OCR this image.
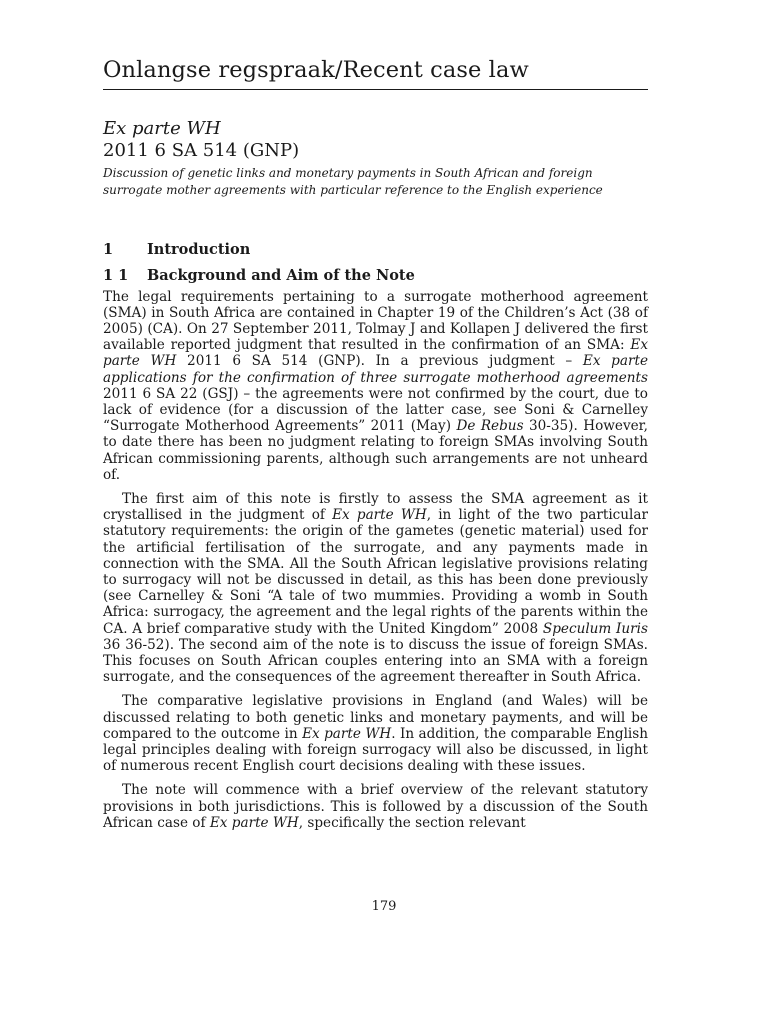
Onlangse regspraak/Recent case law
Ex parte WH
2011 6 SA 514 (GNP)
Discussion of genetic links and monetary payments in South African and foreign surrogate mother agreements with particular reference to the English experience
1 Introduction
1 1 Background and Aim of the Note

The legal requirements pertaining to a surrogate motherhood agreement (SMA) in South Africa are contained in Chapter 19 of the Children’s Act (38 of 2005) (CA). On 27 September 2011, Tolmay J and Kollapen J delivered the first available reported judgment that resulted in the confirmation of an SMA: Ex parte WH 2011 6 SA 514 (GNP). In a previous judgment – Ex parte applications for the confirmation of three surrogate motherhood agreements 2011 6 SA 22 (GSJ) – the agreements were not confirmed by the court, due to lack of evidence (for a discussion of the latter case, see Soni & Carnelley “Surrogate Motherhood Agreements” 2011 (May) De Rebus 30-35). However, to date there has been no judgment relating to foreign SMAs involving South African commissioning parents, although such arrangements are not unheard of.

The first aim of this note is firstly to assess the SMA agreement as it crystallised in the judgment of Ex parte WH, in light of the two particular statutory requirements: the origin of the gametes (genetic material) used for the artificial fertilisation of the surrogate, and any payments made in connection with the SMA. All the South African legislative provisions relating to surrogacy will not be discussed in detail, as this has been done previously (see Carnelley & Soni “A tale of two mummies. Providing a womb in South Africa: surrogacy, the agreement and the legal rights of the parents within the CA. A brief comparative study with the United Kingdom” 2008 Speculum Iuris 36 36-52). The second aim of the note is to discuss the issue of foreign SMAs. This focuses on South African couples entering into an SMA with a foreign surrogate, and the consequences of the agreement thereafter in South Africa.

The comparative legislative provisions in England (and Wales) will be discussed relating to both genetic links and monetary payments, and will be compared to the outcome in Ex parte WH. In addition, the comparable English legal principles dealing with foreign surrogacy will also be discussed, in light of numerous recent English court decisions dealing with these issues.

The note will commence with a brief overview of the relevant statutory provisions in both jurisdictions. This is followed by a discussion of the South African case of Ex parte WH, specifically the section relevant

179
